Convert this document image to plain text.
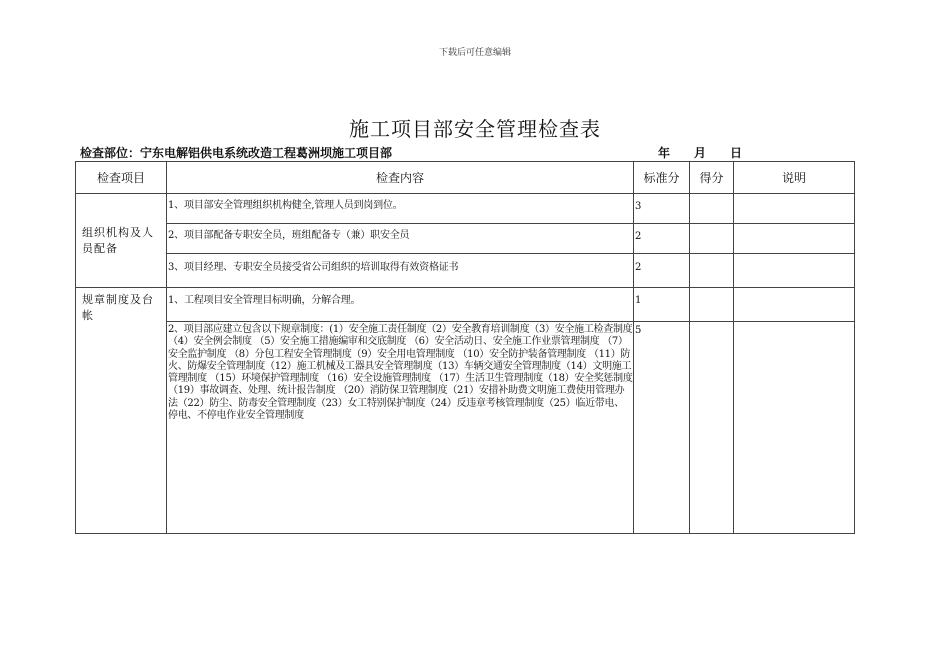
下载后可任意编辑
施工项目部安全管理检查表
检查部位：宁东电解铝供电系统改造工程葛洲坝施工项目部	年 月 日
检查项目	检查内容	标准分	得分	说明
组织机构及人员配备	1、项目部安全管理组织机构健全,管理人员到岗到位。	3		
	2、项目部配备专职安全员，班组配备专（兼）职安全员	2		
	3、项目经理、专职安全员接受省公司组织的培训取得有效资格证书	2		
规章制度及台帐	1、工程项目安全管理目标明确，分解合理。	1		
	2、项目部应建立包含以下规章制度：(1）安全施工责任制度（2）安全教育培训制度（3）安全施工检查制度 （4）安全例会制度 （5）安全施工措施编审和交底制度 （6）安全活动日、安全施工作业票管理制度 （7）安全监护制度 （8）分包工程安全管理制度（9）安全用电管理制度 （10）安全防护装备管理制度 （11）防火、防爆安全管理制度（12）施工机械及工器具安全管理制度（13）车辆交通安全管理制度（14）文明施工管理制度 （15）环境保护管理制度 （16）安全设施管理制度 （17）生活卫生管理制度（18）安全奖惩制度 （19）事故调查、处理、统计报告制度 （20）消防保卫管理制度（21）安措补助费文明施工费使用管理办法（22）防尘、防毒安全管理制度（23）女工特别保护制度（24）反违章考核管理制度（25）临近带电、停电、不停电作业安全管理制度	5		
